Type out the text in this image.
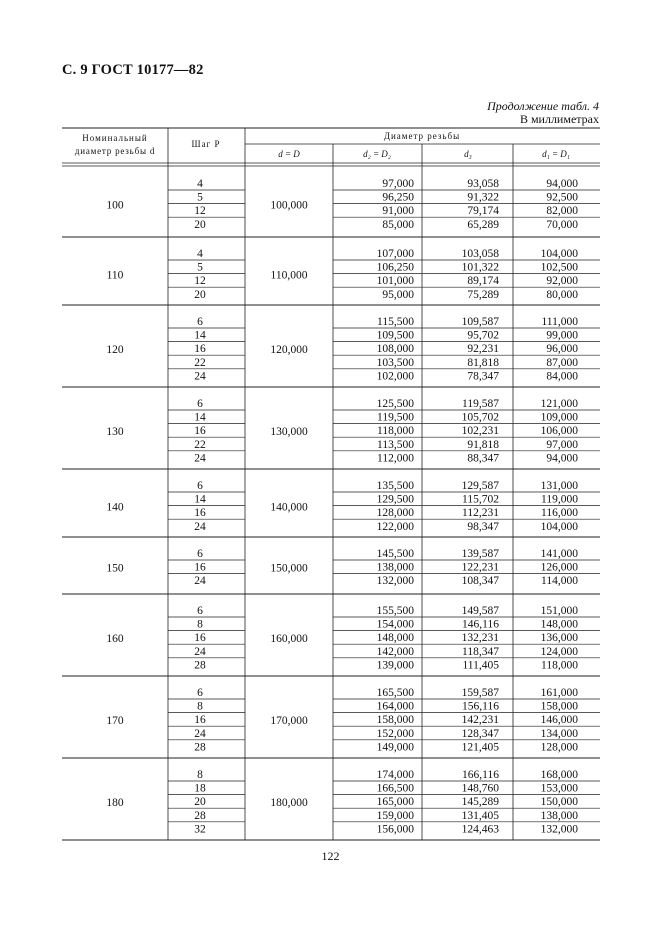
С. 9 ГОСТ 10177—82
Продолжение табл. 4
В миллиметрах
Номинальный
диаметр резьбы d
Шаг P
Диаметр резьбы
d = D	d₂ = D₂	d₃	d₁ = D₁
100	100,000
4	97,000	93,058	94,000
5	96,250	91,322	92,500
12	91,000	79,174	82,000
20	85,000	65,289	70,000
110	110,000
4	107,000	103,058	104,000
5	106,250	101,322	102,500
12	101,000	89,174	92,000
20	95,000	75,289	80,000
120	120,000
6	115,500	109,587	111,000
14	109,500	95,702	99,000
16	108,000	92,231	96,000
22	103,500	81,818	87,000
24	102,000	78,347	84,000
130	130,000
6	125,500	119,587	121,000
14	119,500	105,702	109,000
16	118,000	102,231	106,000
22	113,500	91,818	97,000
24	112,000	88,347	94,000
140	140,000
6	135,500	129,587	131,000
14	129,500	115,702	119,000
16	128,000	112,231	116,000
24	122,000	98,347	104,000
150	150,000
6	145,500	139,587	141,000
16	138,000	122,231	126,000
24	132,000	108,347	114,000
160	160,000
6	155,500	149,587	151,000
8	154,000	146,116	148,000
16	148,000	132,231	136,000
24	142,000	118,347	124,000
28	139,000	111,405	118,000
170	170,000
6	165,500	159,587	161,000
8	164,000	156,116	158,000
16	158,000	142,231	146,000
24	152,000	128,347	134,000
28	149,000	121,405	128,000
180	180,000
8	174,000	166,116	168,000
18	166,500	148,760	153,000
20	165,000	145,289	150,000
28	159,000	131,405	138,000
32	156,000	124,463	132,000
122
